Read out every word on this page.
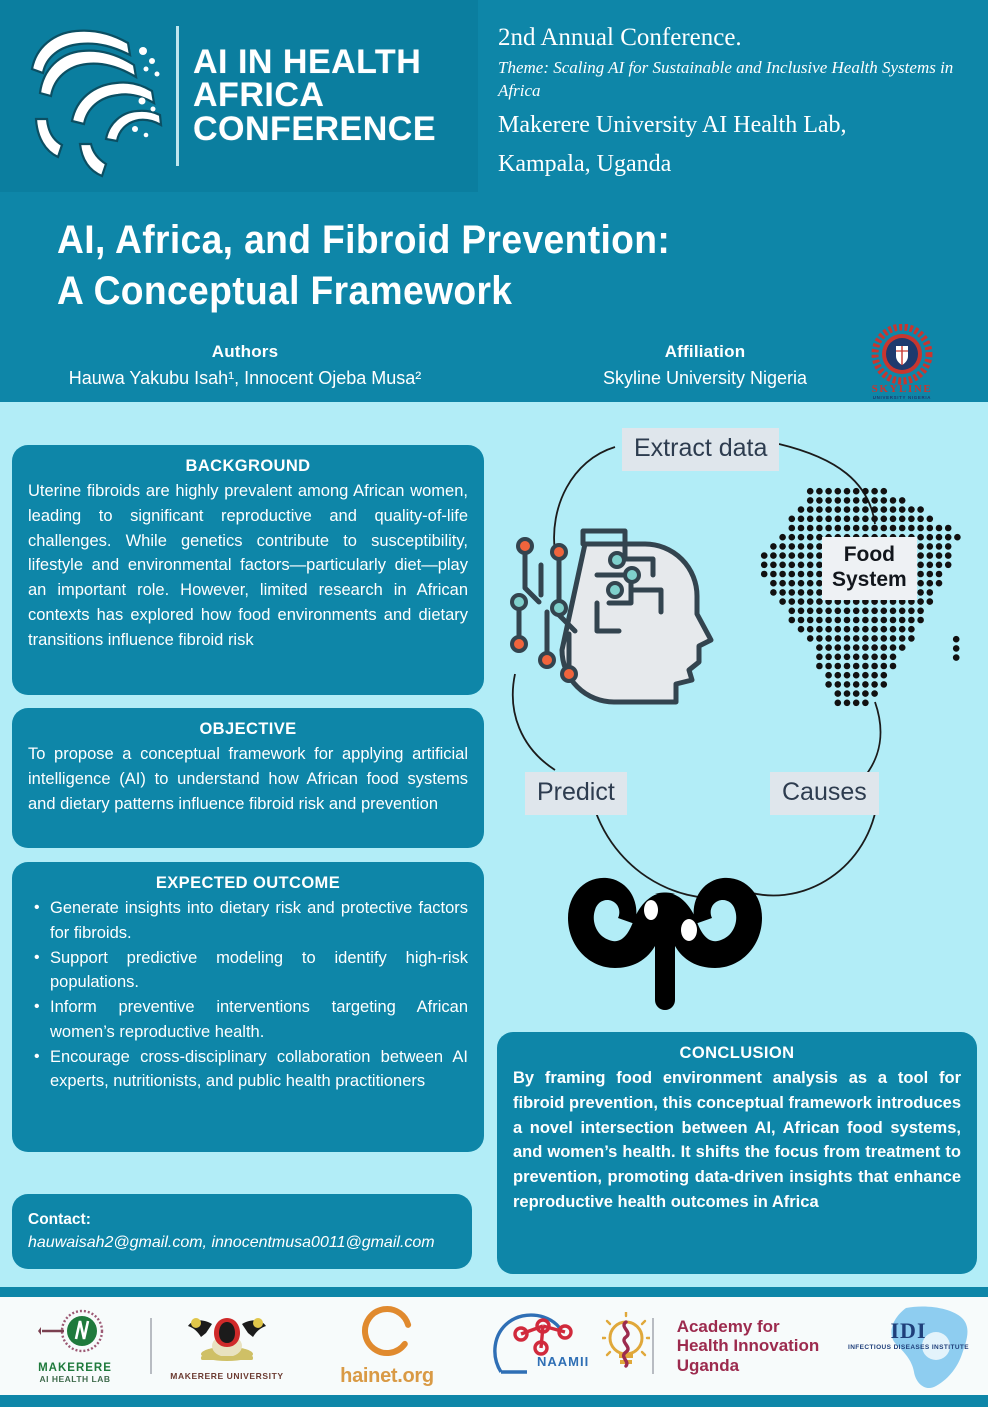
AI IN HEALTH
AFRICA
CONFERENCE
2nd Annual Conference.
Theme: Scaling AI for Sustainable and Inclusive Health Systems in Africa
Makerere University AI Health Lab,
Kampala, Uganda
AI, Africa, and Fibroid Prevention:
A Conceptual Framework
Authors
Hauwa Yakubu Isah¹, Innocent Ojeba Musa²
Affiliation
Skyline University Nigeria
SKYLINE
UNIVERSITY NIGERIA
BACKGROUND
Uterine fibroids are highly prevalent among African women, leading to significant reproductive and quality-of-life challenges. While genetics contribute to susceptibility, lifestyle and environmental factors—particularly diet—play an important role. However, limited research in African contexts has explored how food environments and dietary transitions influence fibroid risk
OBJECTIVE
To propose a conceptual framework for applying artificial intelligence (AI) to understand how African food systems and dietary patterns influence fibroid risk and prevention
EXPECTED OUTCOME
• Generate insights into dietary risk and protective factors for fibroids.
• Support predictive modeling to identify high-risk populations.
• Inform preventive interventions targeting African women’s reproductive health.
• Encourage cross-disciplinary collaboration between AI experts, nutritionists, and public health practitioners
Contact:
hauwaisah2@gmail.com, innocentmusa0011@gmail.com
CONCLUSION
By framing food environment analysis as a tool for fibroid prevention, this conceptual framework introduces a novel intersection between AI, African food systems, and women’s health. It shifts the focus from treatment to prevention, promoting data-driven insights that enhance reproductive health outcomes in Africa
Extract data
Predict	Causes
Food
System
MAKERERE
AI HEALTH LAB	MAKERERE UNIVERSITY	hainet.org
NAAMII
Academy for
Health Innovation
Uganda
IDI
INFECTIOUS DISEASES INSTITUTE
